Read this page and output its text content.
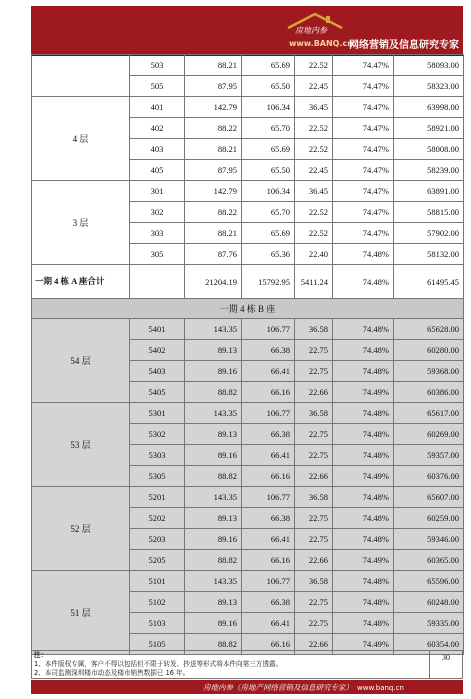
房地内参
www.BANQ.cn
网络营销及信息研究专家
	503	88.21	65.69	22.52	74.47%	58093.00	
	505	87.95	65.50	22.45	74.47%	58323.00	
4 层	401	142.79	106.34	36.45	74.47%	63998.00	
	402	88.22	65.70	22.52	74.47%	58921.00	
	403	88.21	65.69	22.52	74.47%	58008.00	
	405	87.95	65.50	22.45	74.47%	58239.00	
3 层	301	142.79	106.34	36.45	74.47%	63891.00	
	302	88.22	65.70	22.52	74.47%	58815.00	
	303	88.21	65.69	22.52	74.47%	57902.00	
	305	87.76	65.36	22.40	74.48%	58132.00	
一期 4 栋 A 座合计		21204.19	15792.95	5411.24	74.48%	61495.45	
一期 4 栋 B 座							
54 层	5401	143.35	106.77	36.58	74.48%	65628.00	
	5402	89.13	66.38	22.75	74.48%	60280.00	
	5403	89.16	66.41	22.75	74.48%	59368.00	
	5405	88.82	66.16	22.66	74.49%	60386.00	
53 层	5301	143.35	106.77	36.58	74.48%	65617.00	
	5302	89.13	66.38	22.75	74.48%	60269.00	
	5303	89.16	66.41	22.75	74.48%	59357.00	
	5305	88.82	66.16	22.66	74.49%	60376.00	
52 层	5201	143.35	106.77	36.58	74.48%	65607.00	
	5202	89.13	66.38	22.75	74.48%	60259.00	
	5203	89.16	66.41	22.75	74.48%	59346.00	
	5205	88.82	66.16	22.66	74.49%	60365.00	
51 层	5101	143.35	106.77	36.58	74.48%	65596.00	
	5102	89.13	66.38	22.75	74.48%	60248.00	
	5103	89.16	66.41	22.75	74.48%	59335.00	
	5105	88.82	66.16	22.66	74.49%	60354.00	
注：
1、本件版权专属，客户不得以包括但不限于转发、抄送等形式将本件向第三方透露。
2、本司监测深圳楼市动态及楼市销售数据已 16 年。
30
房地内参（房地产网络营销及信息研究专家） www.banq.cn
